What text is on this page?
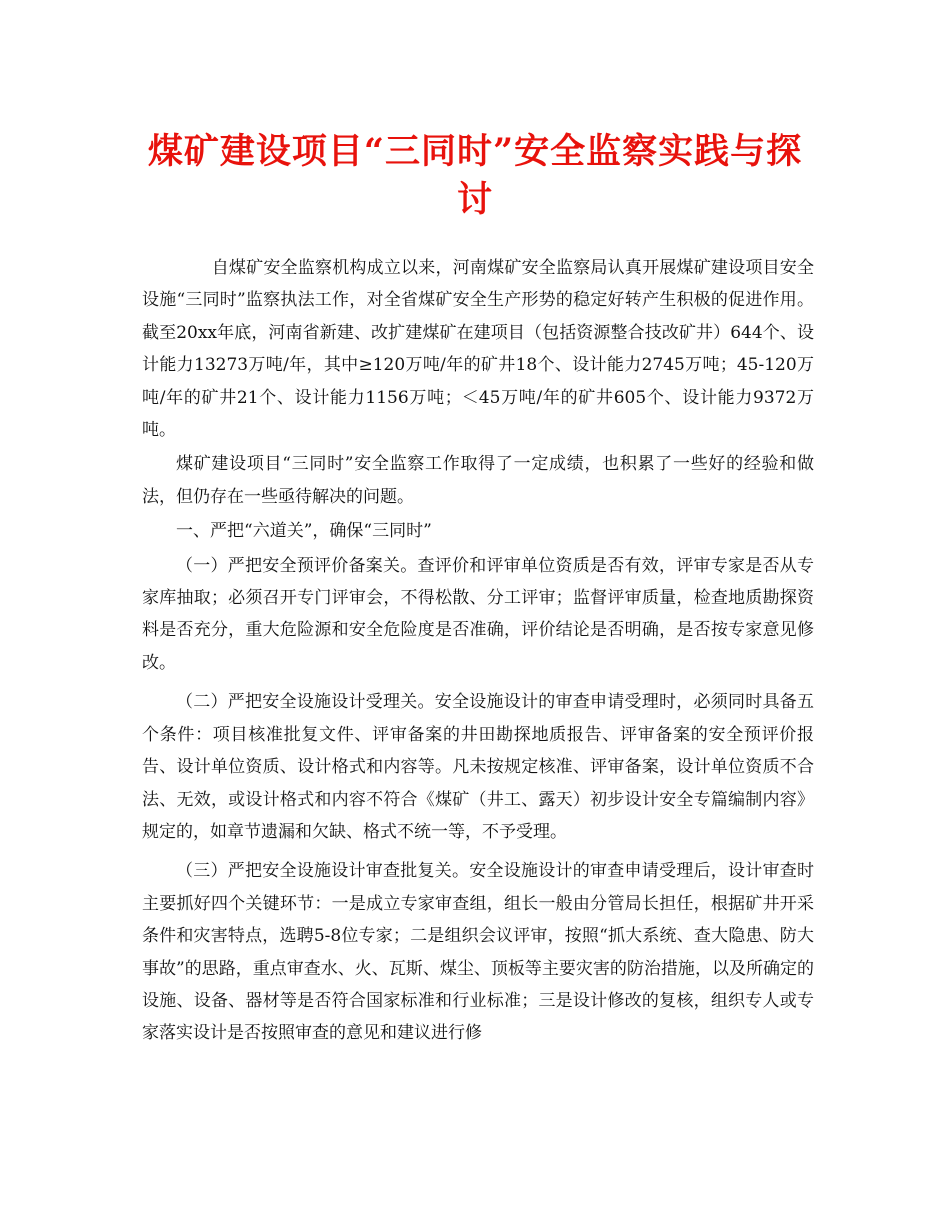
煤矿建设项目“三同时”安全监察实践与探讨

自煤矿安全监察机构成立以来，河南煤矿安全监察局认真开展煤矿建设项目安全设施“三同时”监察执法工作，对全省煤矿安全生产形势的稳定好转产生积极的促进作用。截至20xx年底，河南省新建、改扩建煤矿在建项目（包括资源整合技改矿井）644个、设计能力13273万吨/年，其中≥120万吨/年的矿井18个、设计能力2745万吨；45-120万吨/年的矿井21个、设计能力1156万吨；＜45万吨/年的矿井605个、设计能力9372万吨。

煤矿建设项目“三同时”安全监察工作取得了一定成绩，也积累了一些好的经验和做法，但仍存在一些亟待解决的问题。

一、严把“六道关”，确保“三同时”

（一）严把安全预评价备案关。查评价和评审单位资质是否有效，评审专家是否从专家库抽取；必须召开专门评审会，不得松散、分工评审；监督评审质量，检查地质勘探资料是否充分，重大危险源和安全危险度是否准确，评价结论是否明确，是否按专家意见修改。

（二）严把安全设施设计受理关。安全设施设计的审查申请受理时，必须同时具备五个条件：项目核准批复文件、评审备案的井田勘探地质报告、评审备案的安全预评价报告、设计单位资质、设计格式和内容等。凡未按规定核准、评审备案，设计单位资质不合法、无效，或设计格式和内容不符合《煤矿（井工、露天）初步设计安全专篇编制内容》规定的，如章节遗漏和欠缺、格式不统一等，不予受理。

（三）严把安全设施设计审查批复关。安全设施设计的审查申请受理后，设计审查时主要抓好四个关键环节：一是成立专家审查组，组长一般由分管局长担任，根据矿井开采条件和灾害特点，选聘5-8位专家；二是组织会议评审，按照“抓大系统、查大隐患、防大事故”的思路，重点审查水、火、瓦斯、煤尘、顶板等主要灾害的防治措施，以及所确定的设施、设备、器材等是否符合国家标准和行业标准；三是设计修改的复核，组织专人或专家落实设计是否按照审查的意见和建议进行修
